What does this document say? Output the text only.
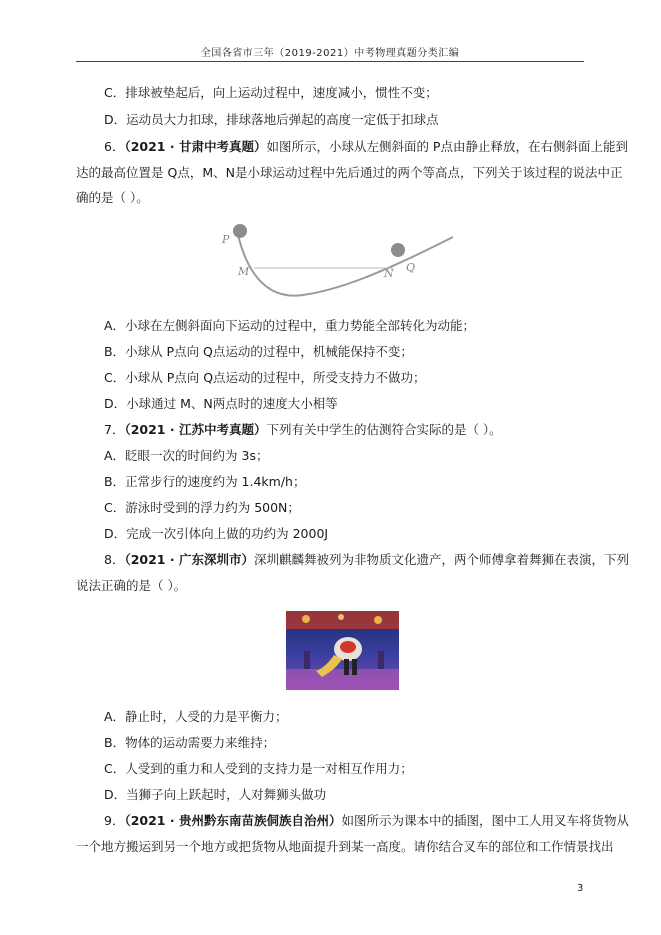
全国各省市三年（2019-2021）中考物理真题分类汇编
C．排球被垫起后，向上运动过程中，速度减小，惯性不变；
D．运动员大力扣球，排球落地后弹起的高度一定低于扣球点
6．（2021 · 甘肃中考真题）如图所示，小球从左侧斜面的 P点由静止释放，在右侧斜面上能到
达的最高位置是 Q点，M、N是小球运动过程中先后通过的两个等高点，下列关于该过程的说法中正
确的是（ ）。
P
M	N Q
A．小球在左侧斜面向下运动的过程中，重力势能全部转化为动能；
B．小球从 P点向 Q点运动的过程中，机械能保持不变；
C．小球从 P点向 Q点运动的过程中，所受支持力不做功；
D．小球通过 M、N两点时的速度大小相等
7．（2021 · 江苏中考真题）下列有关中学生的估测符合实际的是（ ）。
A．眨眼一次的时间约为 3s；
B．正常步行的速度约为 1.4km/h；
C．游泳时受到的浮力约为 500N；
D．完成一次引体向上做的功约为 2000J
8．（2021 · 广东深圳市）深圳麒麟舞被列为非物质文化遗产，两个师傅拿着舞狮在表演，下列
说法正确的是（ ）。
A．静止时，人受的力是平衡力；
B．物体的运动需要力来维持；
C．人受到的重力和人受到的支持力是一对相互作用力；
D．当狮子向上跃起时，人对舞狮头做功
9．（2021 · 贵州黔东南苗族侗族自治州）如图所示为课本中的插图，图中工人用叉车将货物从
一个地方搬运到另一个地方或把货物从地面提升到某一高度。请你结合叉车的部位和工作情景找出
3
